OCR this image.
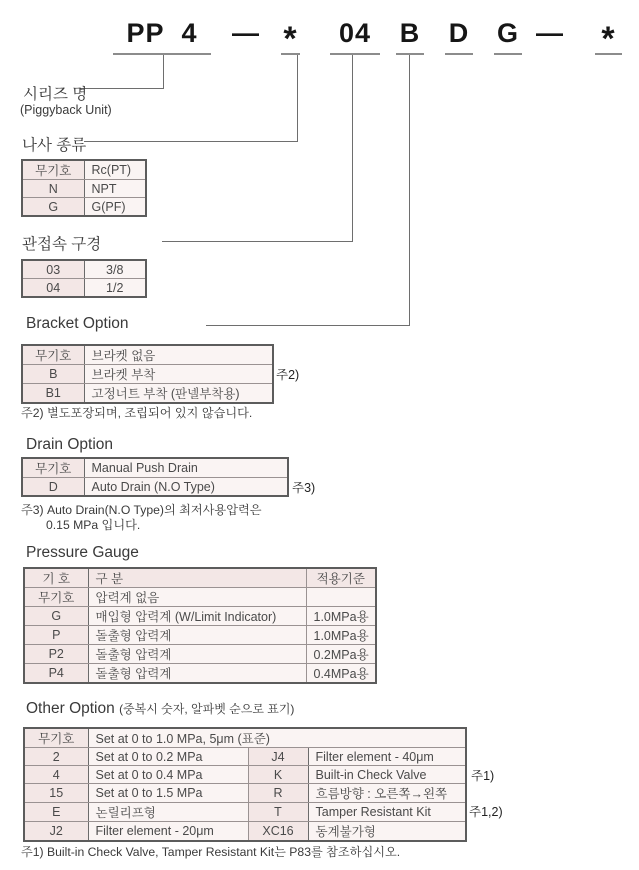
PP 4	— *	04	B D G — *
시리즈 명
(Piggyback Unit)
나사 종류
무기호	Rc(PT)
N	NPT
G	G(PF)
관접속 구경
03	3/8
04	1/2
Bracket Option
무기호	브라켓 없음
B	브라켓 부착
B1	고정너트 부착 (판넬부착용)
주2)
주2) 별도포장되며, 조립되어 있지 않습니다.
Drain Option
무기호	Manual Push Drain
D	Auto Drain (N.O Type)	주3)
주3) Auto Drain(N.O Type)의 최저사용압력은
0.15 MPa 입니다.
Pressure Gauge
기 호	구 분	적용기준
무기호	압력계 없음	
G	매입형 압력계 (W/Limit Indicator)	1.0MPa용
P	돌출형 압력계	1.0MPa용
P2	돌출형 압력계	0.2MPa용
P4	돌출형 압력계	0.4MPa용
Other Option (중복시 숫자, 알파벳 순으로 표기)
무기호	Set at 0 to 1.0 MPa, 5μm (표준)		
2	Set at 0 to 0.2 MPa	J4	Filter element - 40μm
4	Set at 0 to 0.4 MPa	K	Built-in Check Valve
15	Set at 0 to 1.5 MPa	R	흐름방향 : 오른쪽→왼쪽
E	논릴리프형	T	Tamper Resistant Kit
J2	Filter element - 20μm	XC16	동계불가형
주1)
주1,2)
주1) Built-in Check Valve, Tamper Resistant Kit는 P83를 참조하십시오.
